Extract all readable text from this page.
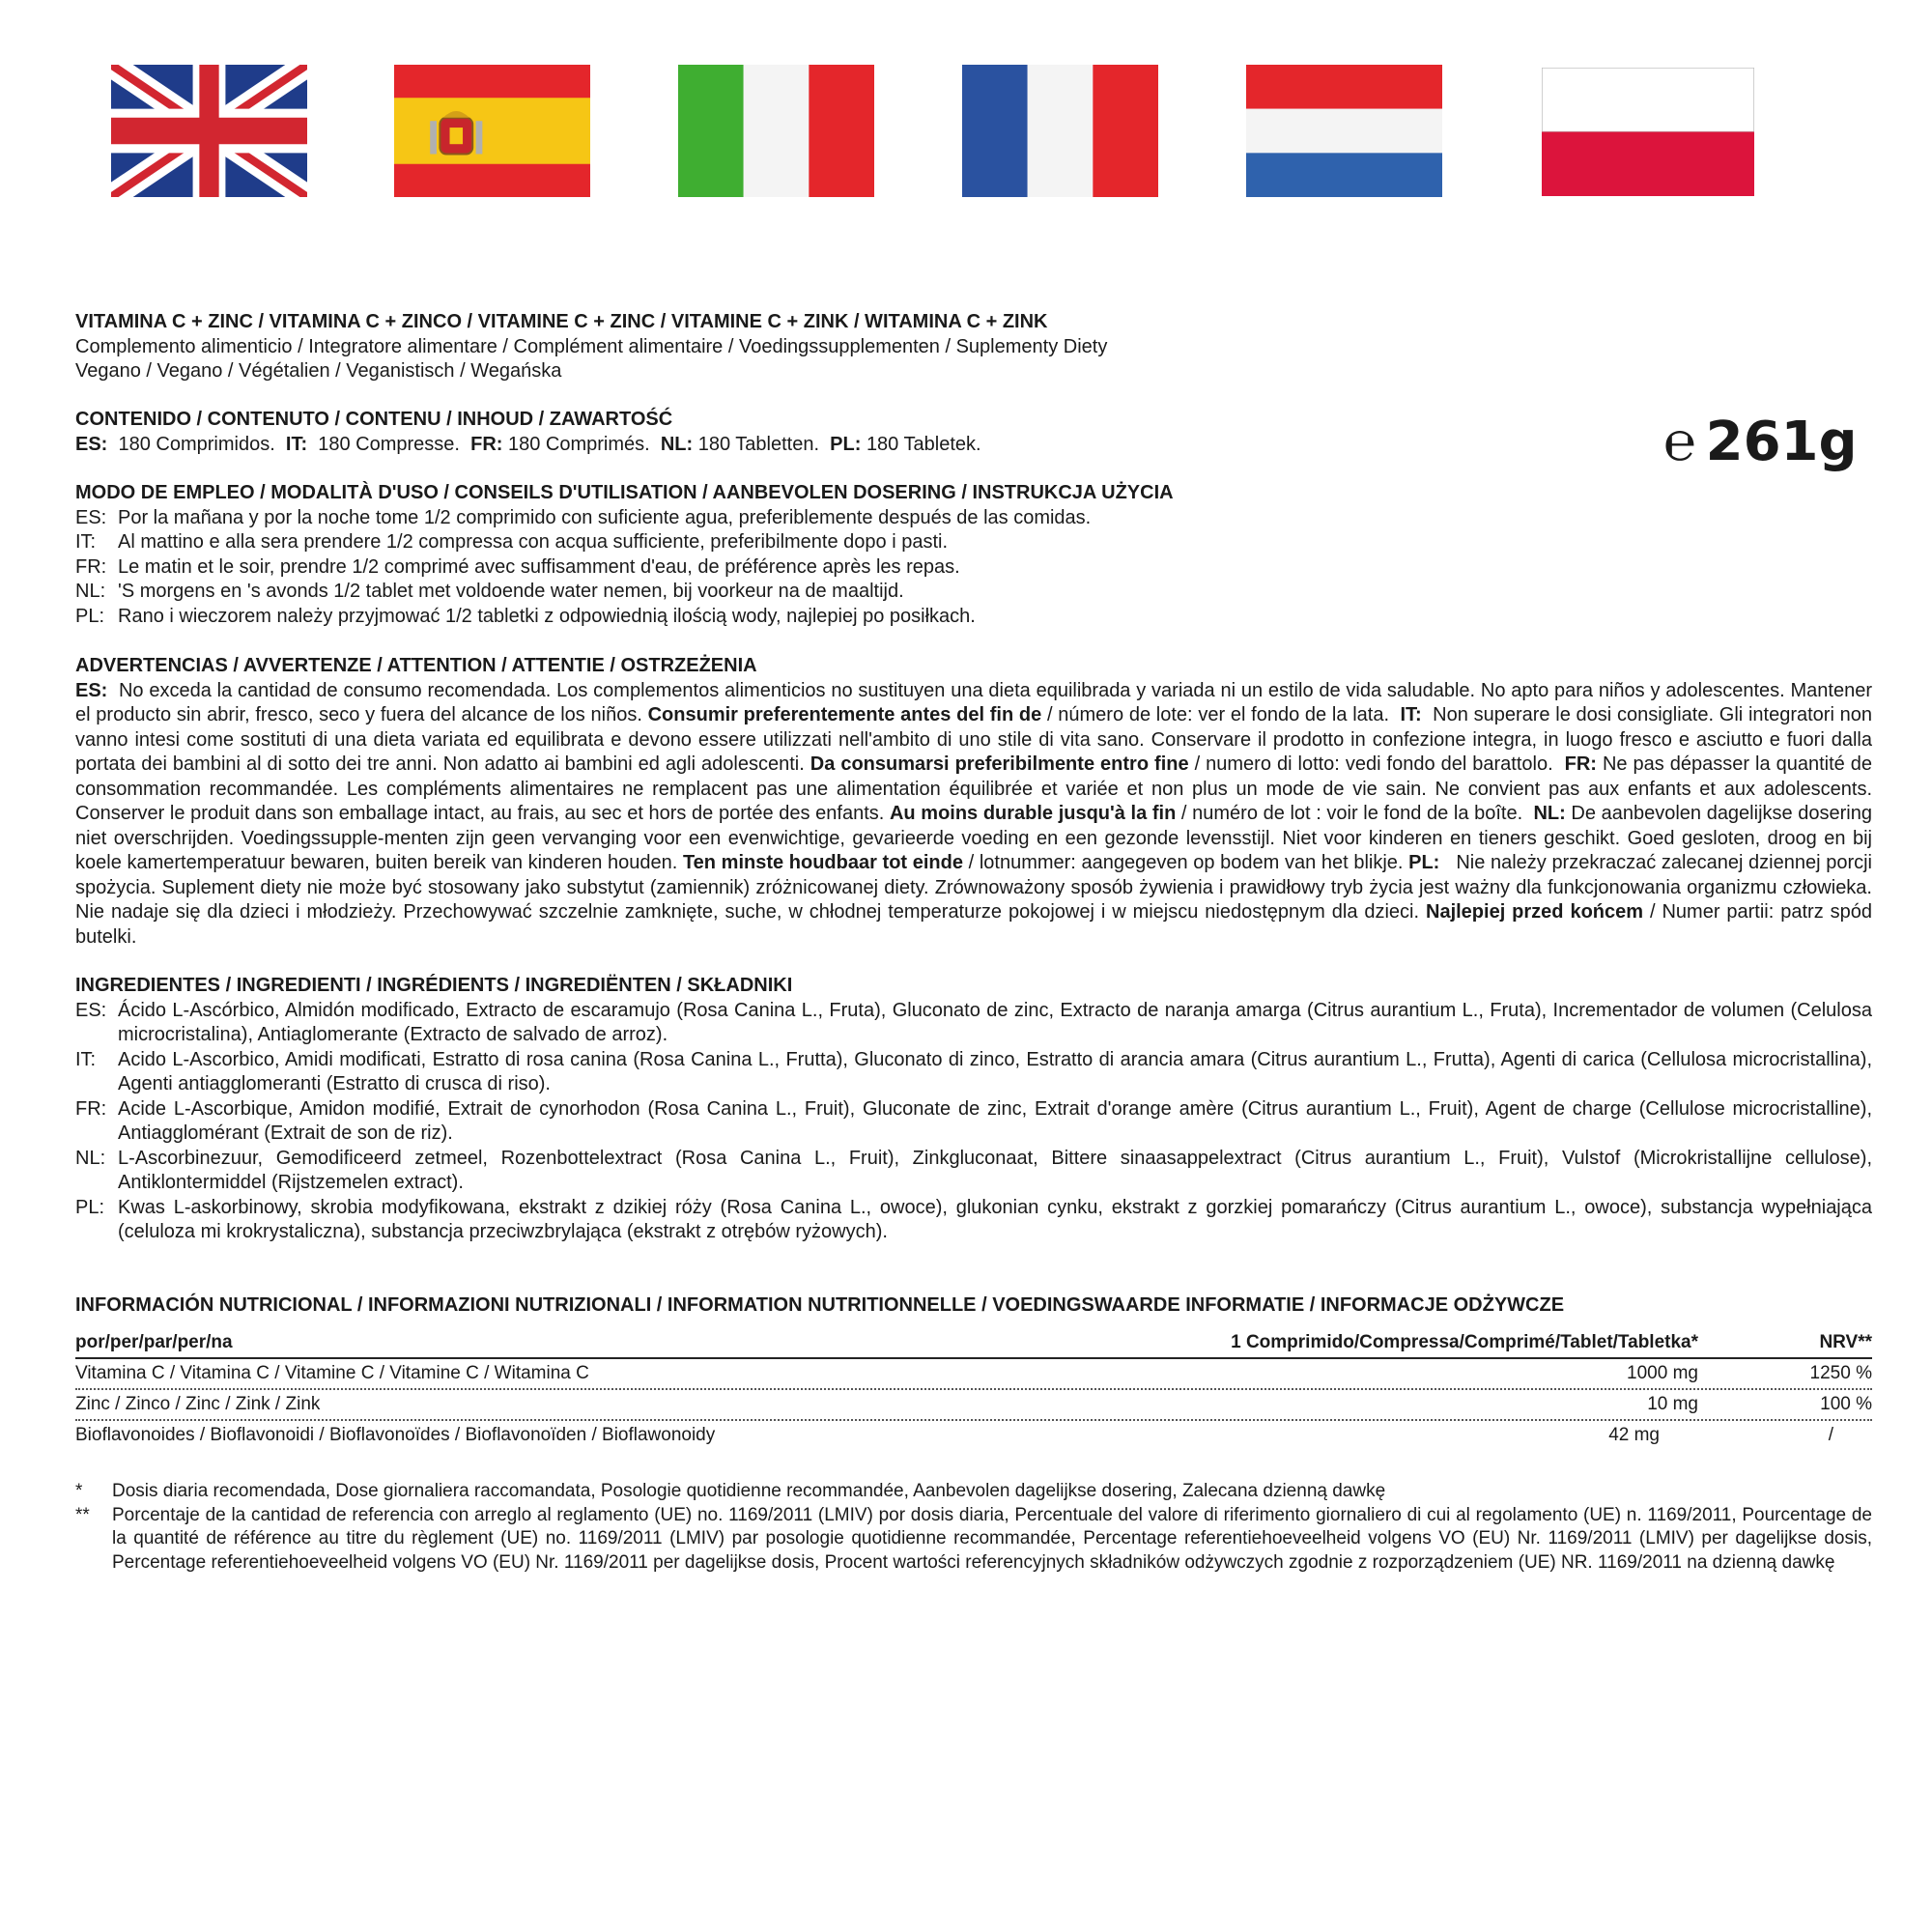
℮ 261g
VITAMINA C + ZINC / VITAMINA C + ZINCO / VITAMINE C + ZINC / VITAMINE C + ZINK / WITAMINA C + ZINK
Complemento alimenticio / Integratore alimentare / Complément alimentaire / Voedingssupplementen / Suplementy Diety
Vegano / Vegano / Végétalien / Veganistisch / Wegańska
CONTENIDO / CONTENUTO / CONTENU / INHOUD / ZAWARTOŚĆ
ES: 180 Comprimidos. IT: 180 Compresse. FR: 180 Comprimés. NL: 180 Tabletten. PL: 180 Tabletek.
MODO DE EMPLEO / MODALITÀ D'USO / CONSEILS D'UTILISATION / AANBEVOLEN DOSERING / INSTRUKCJA UŻYCIA
ES: Por la mañana y por la noche tome 1/2 comprimido con suficiente agua, preferiblemente después de las comidas.
IT:	Al mattino e alla sera prendere 1/2 compressa con acqua sufficiente, preferibilmente dopo i pasti.
FR: Le matin et le soir, prendre 1/2 comprimé avec suffisamment d'eau, de préférence après les repas.
NL: 'S morgens en 's avonds 1/2 tablet met voldoende water nemen, bij voorkeur na de maaltijd.
PL: Rano i wieczorem należy przyjmować 1/2 tabletki z odpowiednią ilością wody, najlepiej po posiłkach.
ADVERTENCIAS / AVVERTENZE / ATTENTION / ATTENTIE / OSTRZEŻENIA
ES: No exceda la cantidad de consumo recomendada. Los complementos alimenticios no sustituyen una dieta equilibrada y variada ni un estilo de vida saludable. No apto para niños y adolescentes. Mantener el producto sin abrir, fresco, seco y fuera del alcance de los niños. Consumir preferentemente antes del fin de / número de lote: ver el fondo de la lata. IT: Non superare le dosi consigliate. Gli integratori non vanno intesi come sostituti di una dieta variata ed equilibrata e devono essere utilizzati nell'ambito di uno stile di vita sano. Conservare il prodotto in confezione integra, in luogo fresco e asciutto e fuori dalla portata dei bambini al di sotto dei tre anni. Non adatto ai bambini ed agli adolescenti. Da consumarsi preferibilmente entro fine / numero di lotto: vedi fondo del barattolo. FR: Ne pas dépasser la quantité de consommation recommandée. Les compléments alimentaires ne remplacent pas une alimentation équilibrée et variée et non plus un mode de vie sain. Ne convient pas aux enfants et aux adolescents. Conserver le produit dans son emballage intact, au frais, au sec et hors de portée des enfants. Au moins durable jusqu'à la fin / numéro de lot : voir le fond de la boîte. NL: De aanbevolen dagelijkse dosering niet overschrijden. Voedingssupple-menten zijn geen vervanging voor een evenwichtige, gevarieerde voeding en een gezonde levensstijl. Niet voor kinderen en tieners geschikt. Goed gesloten, droog en bij koele kamertemperatuur bewaren, buiten bereik van kinderen houden. Ten minste houdbaar tot einde / lotnummer: aangegeven op bodem van het blikje. PL: Nie należy przekraczać zalecanej dziennej porcji spożycia. Suplement diety nie może być stosowany jako substytut (zamiennik) zróżnicowanej diety. Zrównoważony sposób żywienia i prawidłowy tryb życia jest ważny dla funkcjonowania organizmu człowieka. Nie nadaje się dla dzieci i młodzieży. Przechowywać szczelnie zamknięte, suche, w chłodnej temperaturze pokojowej i w miejscu niedostępnym dla dzieci. Najlepiej przed końcem / Numer partii: patrz spód butelki.
INGREDIENTES / INGREDIENTI / INGRÉDIENTS / INGREDIËNTEN / SKŁADNIKI
ES: Ácido L-Ascórbico, Almidón modificado, Extracto de escaramujo (Rosa Canina L., Fruta), Gluconato de zinc, Extracto de naranja amarga (Citrus aurantium L., Fruta), Incrementador de volumen (Celulosa microcristalina), Antiaglomerante (Extracto de salvado de arroz).
IT:	Acido L-Ascorbico, Amidi modificati, Estratto di rosa canina (Rosa Canina L., Frutta), Gluconato di zinco, Estratto di arancia amara (Citrus aurantium L., Frutta), Agenti di carica (Cellulosa microcristallina), Agenti antiagglomeranti (Estratto di crusca di riso).
FR: Acide L-Ascorbique, Amidon modifié, Extrait de cynorhodon (Rosa Canina L., Fruit), Gluconate de zinc, Extrait d'orange amère (Citrus aurantium L., Fruit), Agent de charge (Cellulose microcristalline), Antiagglomérant (Extrait de son de riz).
NL: L-Ascorbinezuur, Gemodificeerd zetmeel, Rozenbottelextract (Rosa Canina L., Fruit), Zinkgluconaat, Bittere sinaasappelextract (Citrus aurantium L., Fruit), Vulstof (Microkristallijne cellulose), Antiklontermiddel (Rijstzemelen extract).
PL: Kwas L-askorbinowy, skrobia modyfikowana, ekstrakt z dzikiej róży (Rosa Canina L., owoce), glukonian cynku, ekstrakt z gorzkiej pomarańczy (Citrus aurantium L., owoce), substancja wypełniająca (celuloza mi krokrystaliczna), substancja przeciwzbrylająca (ekstrakt z otrębów ryżowych).
INFORMACIÓN NUTRICIONAL / INFORMAZIONI NUTRIZIONALI / INFORMATION NUTRITIONNELLE / VOEDINGSWAARDE INFORMATIE / INFORMACJE ODŻYWCZE
por/per/par/per/na	1 Comprimido/Compressa/Comprimé/Tablet/Tabletka*	NRV**
Vitamina C / Vitamina C / Vitamine C / Vitamine C / Witamina C	1000 mg	1250 %
Zinc / Zinco / Zinc / Zink / Zink	10 mg	100 %
Bioflavonoides / Bioflavonoidi / Bioflavonoïdes / Bioflavonoïden / Bioflawonoidy	42 mg	/
*	Dosis diaria recomendada, Dose giornaliera raccomandata, Posologie quotidienne recommandée, Aanbevolen dagelijkse dosering, Zalecana dzienną dawkę
**	Porcentaje de la cantidad de referencia con arreglo al reglamento (UE) no. 1169/2011 (LMIV) por dosis diaria, Percentuale del valore di riferimento giornaliero di cui al regolamento (UE) n. 1169/2011, Pourcentage de la quantité de référence au titre du règlement (UE) no. 1169/2011 (LMIV) par posologie quotidienne recommandée, Percentage referentiehoeveelheid volgens VO (EU) Nr. 1169/2011 (LMIV) per dagelijkse dosis, Percentage referentiehoeveelheid volgens VO (EU) Nr. 1169/2011 per dagelijkse dosis, Procent wartości referencyjnych składników odżywczych zgodnie z rozporządzeniem (UE) NR. 1169/2011 na dzienną dawkę
